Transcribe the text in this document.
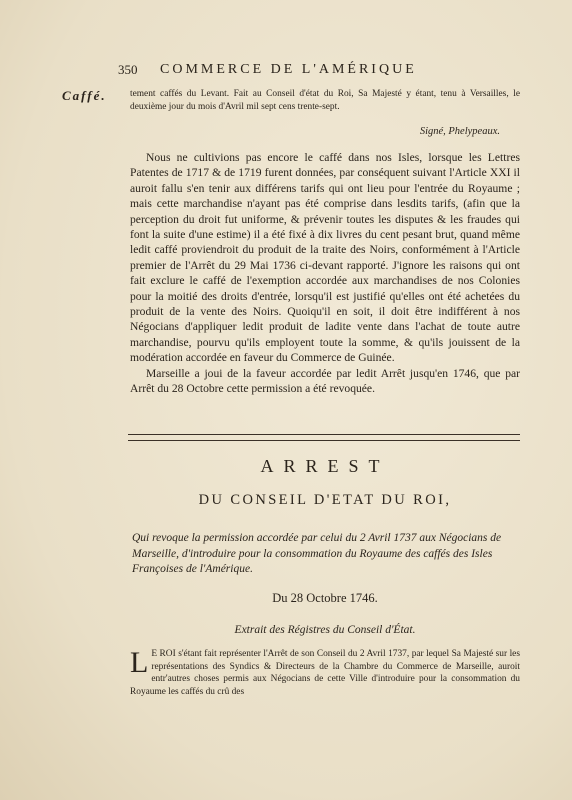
350 COMMERCE DE L'AMÉRIQUE
Caffé. tement caffés du Levant. Fait au Conseil d'état du Roi, Sa Majesté y étant, tenu à Versailles, le deuxième jour du mois d'Avril mil sept cens trente-sept.
Signé, Phelypeaux.

Nous ne cultivions pas encore le caffé dans nos Isles, lorsque les Lettres Patentes de 1717 & de 1719 furent données, par conséquent suivant l'Article XXI il auroit fallu s'en tenir aux différens tarifs qui ont lieu pour l'entrée du Royaume ; mais cette marchandise n'ayant pas été comprise dans lesdits tarifs, (afin que la perception du droit fut uniforme, & prévenir toutes les disputes & les fraudes qui font la suite d'une estime) il a été fixé à dix livres du cent pesant brut, quand même ledit caffé proviendroit du produit de la traite des Noirs, conformément à l'Article premier de l'Arrêt du 29 Mai 1736 ci-devant rapporté. J'ignore les raisons qui ont fait exclure le caffé de l'exemption accordée aux marchandises de nos Colonies pour la moitié des droits d'entrée, lorsqu'il est justifié qu'elles ont été achetées du produit de la vente des Noirs. Quoiqu'il en soit, il doit être indifférent à nos Négocians d'appliquer ledit produit de ladite vente dans l'achat de toute autre marchandise, pourvu qu'ils employent toute la somme, & qu'ils jouissent de la modération accordée en faveur du Commerce de Guinée.

Marseille a joui de la faveur accordée par ledit Arrêt jusqu'en 1746, que par Arrêt du 28 Octobre cette permission a été revoquée.

ARREST
DU CONSEIL D'ETAT DU ROI,
Qui revoque la permission accordée par celui du 2 Avril 1737 aux Négocians de Marseille, d'introduire pour la consommation du Royaume des caffés des Isles Françoises de l'Amérique.
Du 28 Octobre 1746.
Extrait des Régistres du Conseil d'État.
L E ROI s'étant fait représenter l'Arrêt de son Conseil du 2 Avril 1737, par lequel Sa Majesté sur les représentations des Syndics & Directeurs de la Chambre du Commerce de Marseille, auroit entr'autres choses permis aux Négocians de cette Ville d'introduire pour la consommation du Royaume les caffés du crû des
